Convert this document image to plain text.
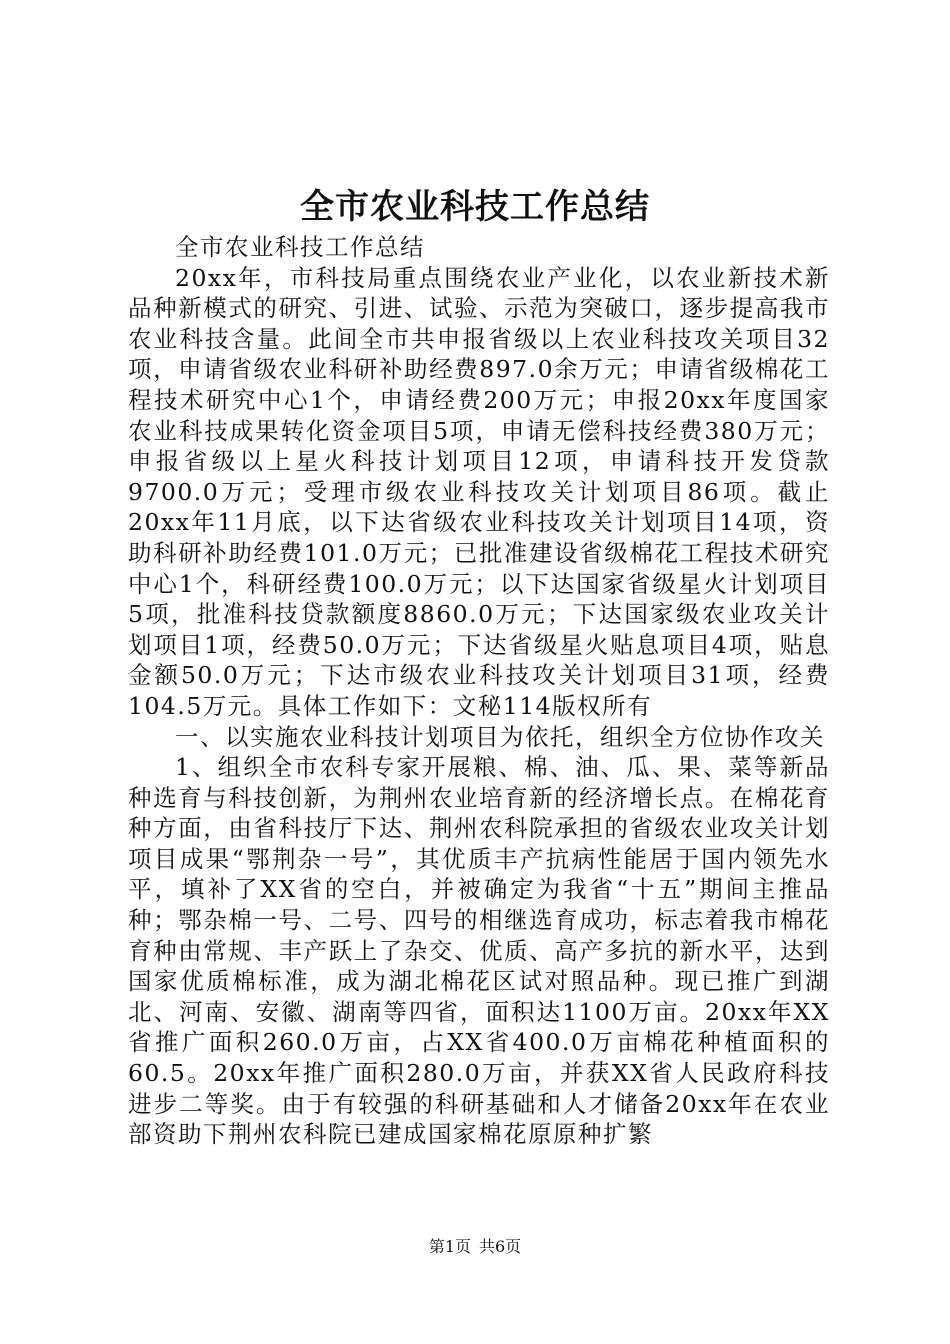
全市农业科技工作总结

全市农业科技工作总结

20xx年，市科技局重点围绕农业产业化，以农业新技术新品种新模式的研究、引进、试验、示范为突破口，逐步提高我市农业科技含量。此间全市共申报省级以上农业科技攻关项目32项，申请省级农业科研补助经费897.0余万元；申请省级棉花工程技术研究中心1个，申请经费200万元；申报20xx年度国家农业科技成果转化资金项目5项，申请无偿科技经费380万元；申报省级以上星火科技计划项目12项，申请科技开发贷款9700.0万元；受理市级农业科技攻关计划项目86项。截止20xx年11月底，以下达省级农业科技攻关计划项目14项，资助科研补助经费101.0万元；已批准建设省级棉花工程技术研究中心1个，科研经费100.0万元；以下达国家省级星火计划项目5项，批准科技贷款额度8860.0万元；下达国家级农业攻关计划项目1项，经费50.0万元；下达省级星火贴息项目4项，贴息金额50.0万元；下达市级农业科技攻关计划项目31项，经费104.5万元。具体工作如下：文秘114版权所有

一、以实施农业科技计划项目为依托，组织全方位协作攻关

1、组织全市农科专家开展粮、棉、油、瓜、果、菜等新品种选育与科技创新，为荆州农业培育新的经济增长点。在棉花育种方面，由省科技厅下达、荆州农科院承担的省级农业攻关计划项目成果“鄂荆杂一号”，其优质丰产抗病性能居于国内领先水平，填补了XX省的空白，并被确定为我省“十五”期间主推品种；鄂杂棉一号、二号、四号的相继选育成功，标志着我市棉花育种由常规、丰产跃上了杂交、优质、高产多抗的新水平，达到国家优质棉标准，成为湖北棉花区试对照品种。现已推广到湖北、河南、安徽、湖南等四省，面积达1100万亩。20xx年XX省推广面积260.0万亩，占XX省400.0万亩棉花种植面积的60.5。20xx年推广面积280.0万亩，并获XX省人民政府科技进步二等奖。由于有较强的科研基础和人才储备20xx年在农业部资助下荆州农科院已建成国家棉花原原种扩繁

第1页 共6页
